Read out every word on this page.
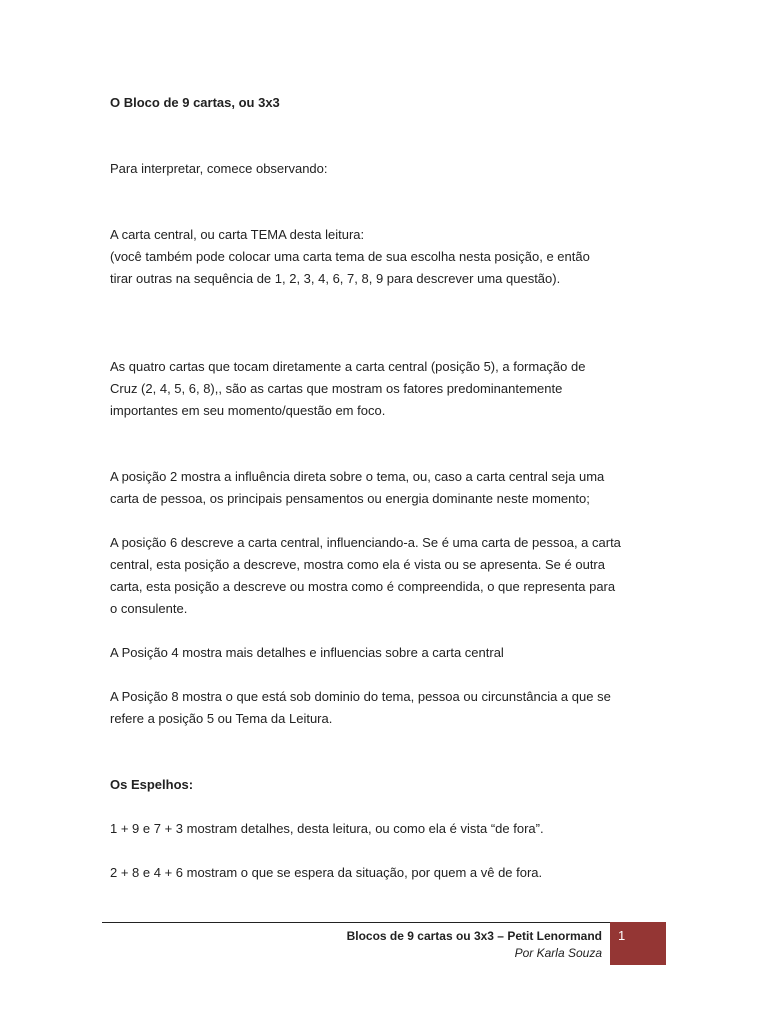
O Bloco de 9 cartas, ou 3x3

Para interpretar, comece observando:

A carta central, ou carta TEMA desta leitura:
(você também pode colocar uma carta tema de sua escolha nesta posição, e então
tirar outras na sequência de 1, 2, 3, 4, 6, 7, 8, 9 para descrever uma questão).

As quatro cartas que tocam diretamente a carta central (posição 5), a formação de
Cruz (2, 4, 5, 6, 8),, são as cartas que mostram os fatores predominantemente
importantes em seu momento/questão em foco.

A posição 2 mostra a influência direta sobre o tema, ou, caso a carta central seja uma
carta de pessoa, os principais pensamentos ou energia dominante neste momento;

A posição 6 descreve a carta central, influenciando-a. Se é uma carta de pessoa, a carta
central, esta posição a descreve, mostra como ela é vista ou se apresenta. Se é outra
carta, esta posição a descreve ou mostra como é compreendida, o que representa para
o consulente.

A Posição 4 mostra mais detalhes e influencias sobre a carta central

A Posição 8 mostra o que está sob dominio do tema, pessoa ou circunstância a que se
refere a posição 5 ou Tema da Leitura.

Os Espelhos:

1 + 9 e 7 + 3 mostram detalhes, desta leitura, ou como ela é vista “de fora”.

2 + 8 e 4 + 6 mostram o que se espera da situação, por quem a vê de fora.

Blocos de 9 cartas ou 3x3 – Petit Lenormand
Por Karla Souza
1
